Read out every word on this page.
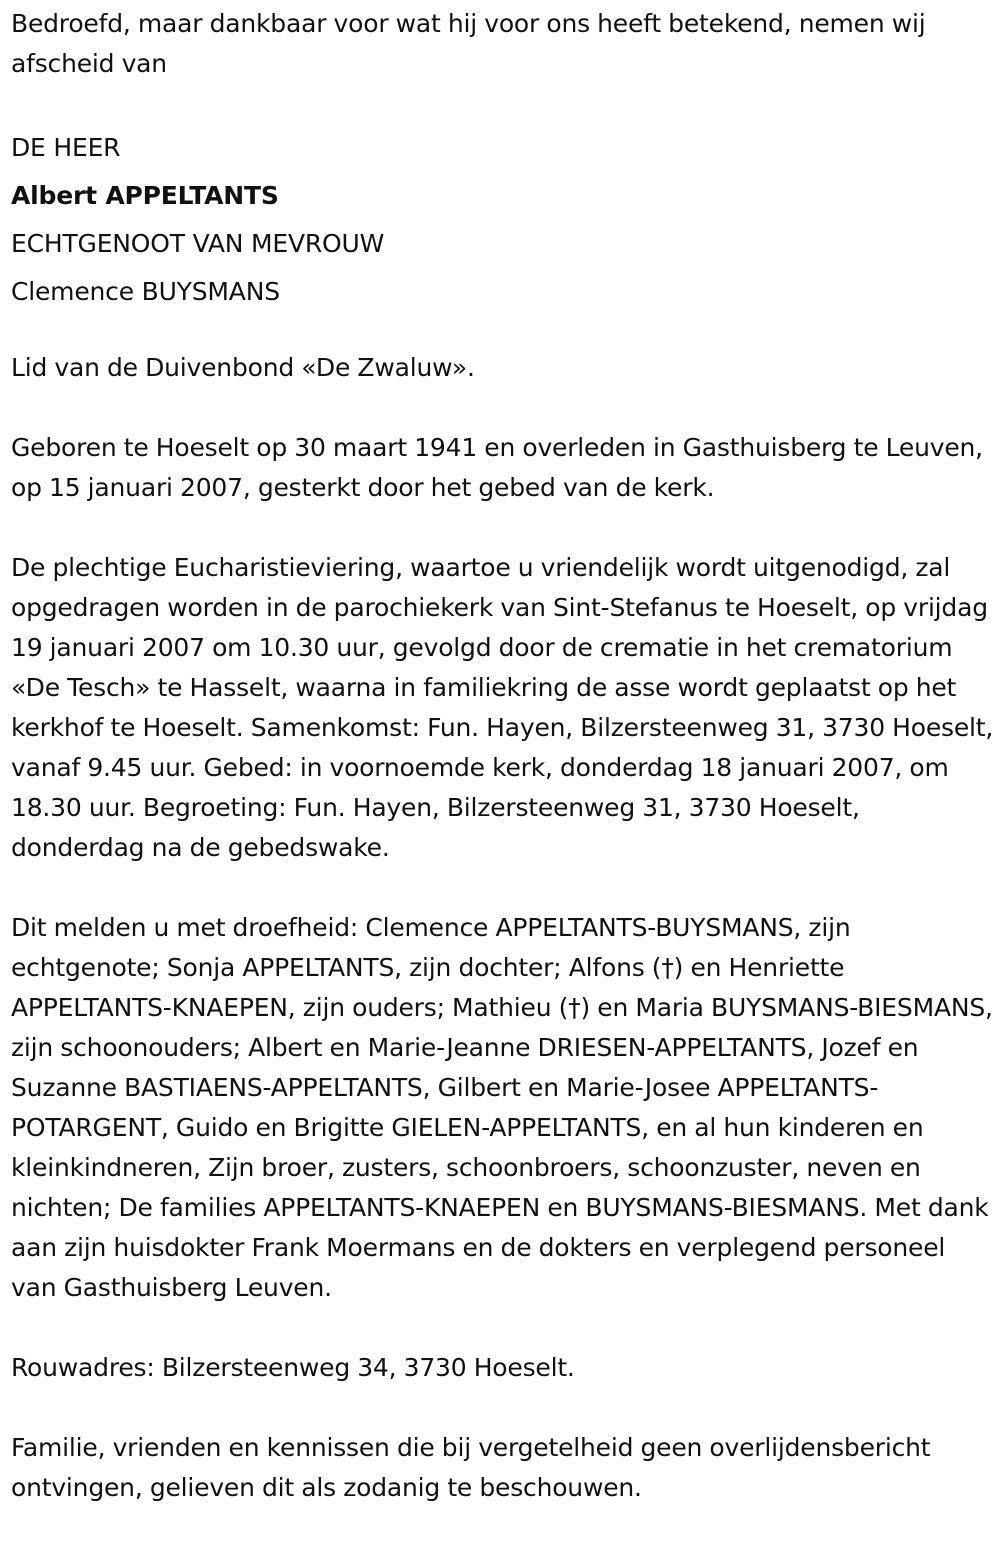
Bedroefd, maar dankbaar voor wat hij voor ons heeft betekend, nemen wij afscheid van

DE HEER

Albert APPELTANTS

ECHTGENOOT VAN MEVROUW

Clemence BUYSMANS

Lid van de Duivenbond «De Zwaluw».

Geboren te Hoeselt op 30 maart 1941 en overleden in Gasthuisberg te Leuven, op 15 januari 2007, gesterkt door het gebed van de kerk.

De plechtige Eucharistieviering, waartoe u vriendelijk wordt uitgenodigd, zal opgedragen worden in de parochiekerk van Sint-Stefanus te Hoeselt, op vrijdag 19 januari 2007 om 10.30 uur, gevolgd door de crematie in het crematorium «De Tesch» te Hasselt, waarna in familiekring de asse wordt geplaatst op het kerkhof te Hoeselt. Samenkomst: Fun. Hayen, Bilzersteenweg 31, 3730 Hoeselt, vanaf 9.45 uur. Gebed: in voornoemde kerk, donderdag 18 januari 2007, om 18.30 uur. Begroeting: Fun. Hayen, Bilzersteenweg 31, 3730 Hoeselt, donderdag na de gebedswake.

Dit melden u met droefheid: Clemence APPELTANTS-BUYSMANS, zijn echtgenote; Sonja APPELTANTS, zijn dochter; Alfons (†) en Henriette APPELTANTS-KNAEPEN, zijn ouders; Mathieu (†) en Maria BUYSMANS-BIESMANS, zijn schoonouders; Albert en Marie-Jeanne DRIESEN-APPELTANTS, Jozef en Suzanne BASTIAENS-APPELTANTS, Gilbert en Marie-Josee APPELTANTS-POTARGENT, Guido en Brigitte GIELEN-APPELTANTS, en al hun kinderen en kleinkindneren, Zijn broer, zusters, schoonbroers, schoonzuster, neven en nichten; De families APPELTANTS-KNAEPEN en BUYSMANS-BIESMANS. Met dank aan zijn huisdokter Frank Moermans en de dokters en verplegend personeel van Gasthuisberg Leuven.

Rouwadres: Bilzersteenweg 34, 3730 Hoeselt.

Familie, vrienden en kennissen die bij vergetelheid geen overlijdensbericht ontvingen, gelieven dit als zodanig te beschouwen.
